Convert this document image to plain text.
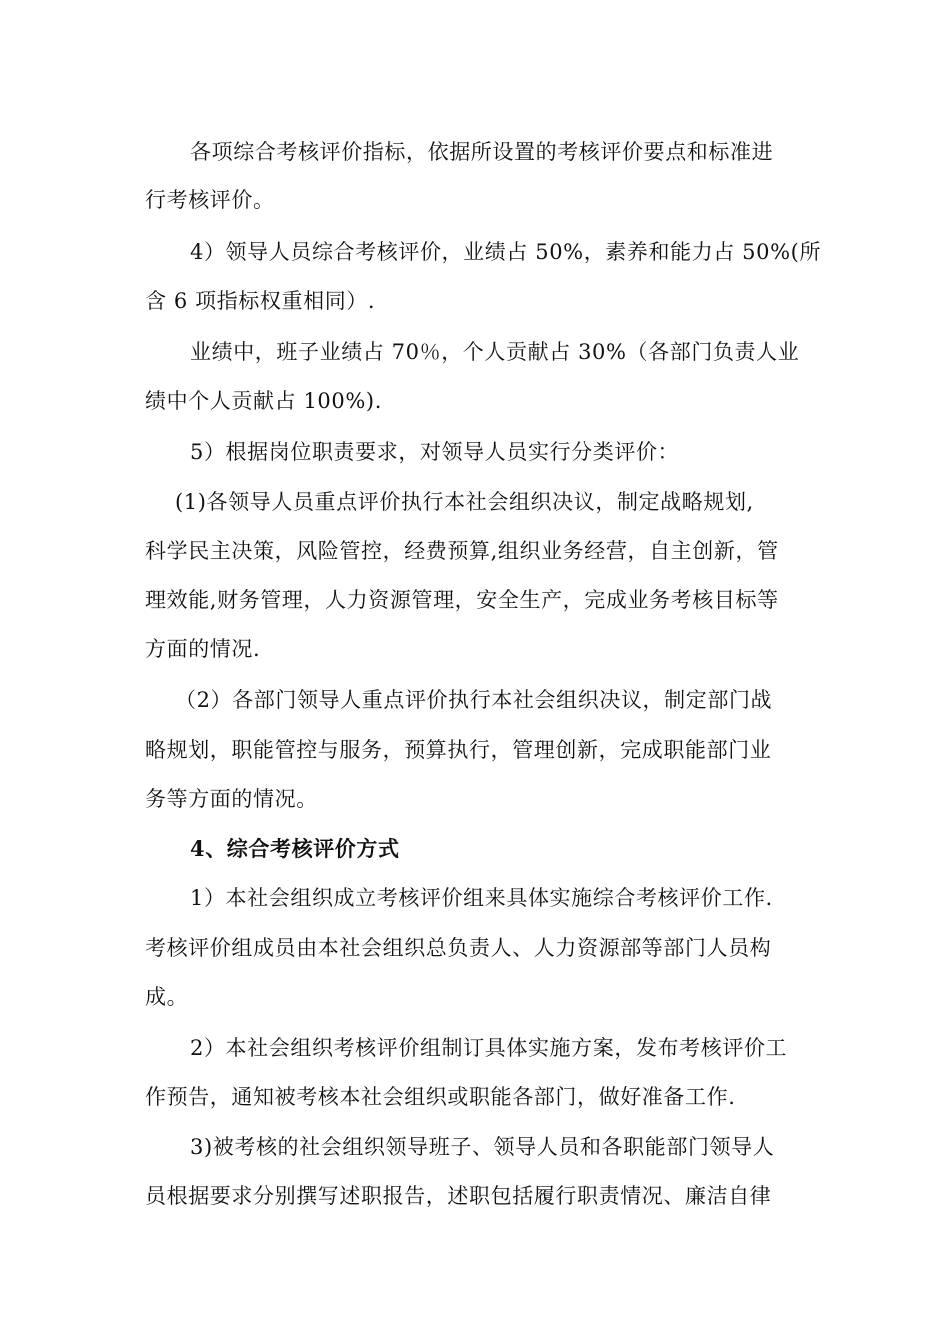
各项综合考核评价指标，依据所设置的考核评价要点和标准进
行考核评价。
4）领导人员综合考核评价，业绩占 50%，素养和能力占 50%(所
含 6 项指标权重相同）.
业绩中，班子业绩占 70％，个人贡献占 30%（各部门负责人业
绩中个人贡献占 100%).
5）根据岗位职责要求，对领导人员实行分类评价：
(1)各领导人员重点评价执行本社会组织决议，制定战略规划,
科学民主决策，风险管控，经费预算,组织业务经营，自主创新，管
理效能,财务管理，人力资源管理，安全生产，完成业务考核目标等
方面的情况.
（2）各部门领导人重点评价执行本社会组织决议，制定部门战
略规划，职能管控与服务，预算执行，管理创新，完成职能部门业
务等方面的情况。
4、综合考核评价方式
1）本社会组织成立考核评价组来具体实施综合考核评价工作.
考核评价组成员由本社会组织总负责人、人力资源部等部门人员构
成。
2）本社会组织考核评价组制订具体实施方案，发布考核评价工
作预告，通知被考核本社会组织或职能各部门，做好准备工作.
3)被考核的社会组织领导班子、领导人员和各职能部门领导人
员根据要求分别撰写述职报告，述职包括履行职责情况、廉洁自律
